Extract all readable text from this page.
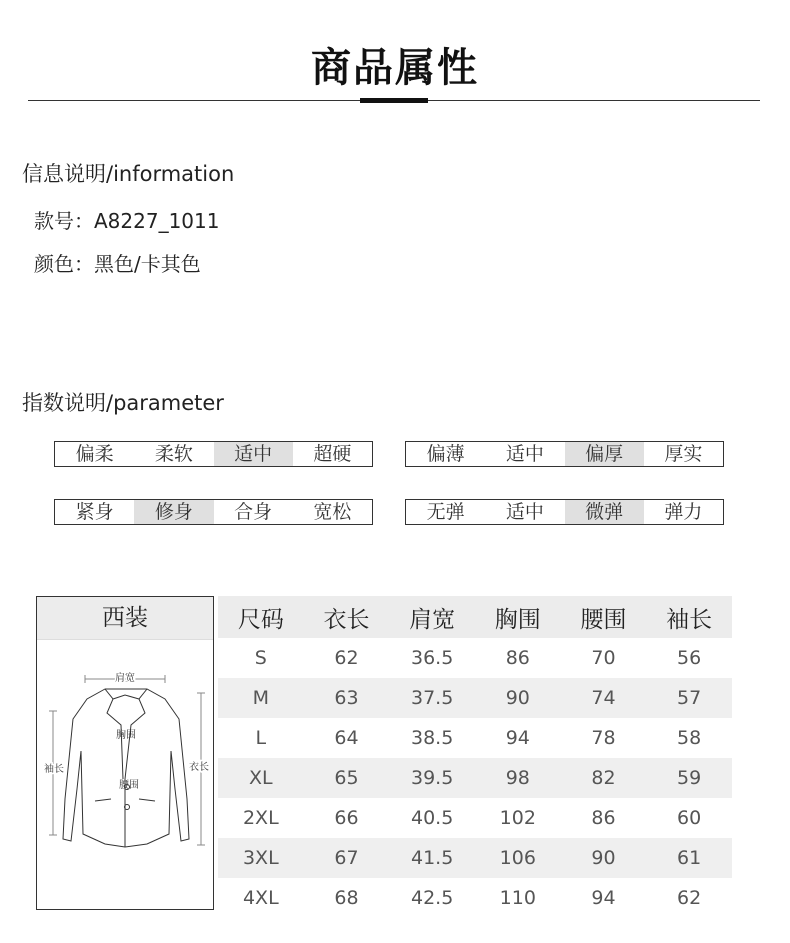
商品属性
信息说明/information
款号：A8227_1011
颜色：黑色/卡其色
指数说明/parameter
偏柔	柔软	适中	超硬	偏薄	适中	偏厚	厚实
紧身	修身	合身	宽松	无弹	适中	微弹	弹力
西装
肩宽
胸围
腰围
袖长	衣长
尺码	衣长	肩宽	胸围	腰围	袖长
S	62	36.5	86	70	56
M	63	37.5	90	74	57
L	64	38.5	94	78	58
XL	65	39.5	98	82	59
2XL	66	40.5	102	86	60
3XL	67	41.5	106	90	61
4XL	68	42.5	110	94	62
